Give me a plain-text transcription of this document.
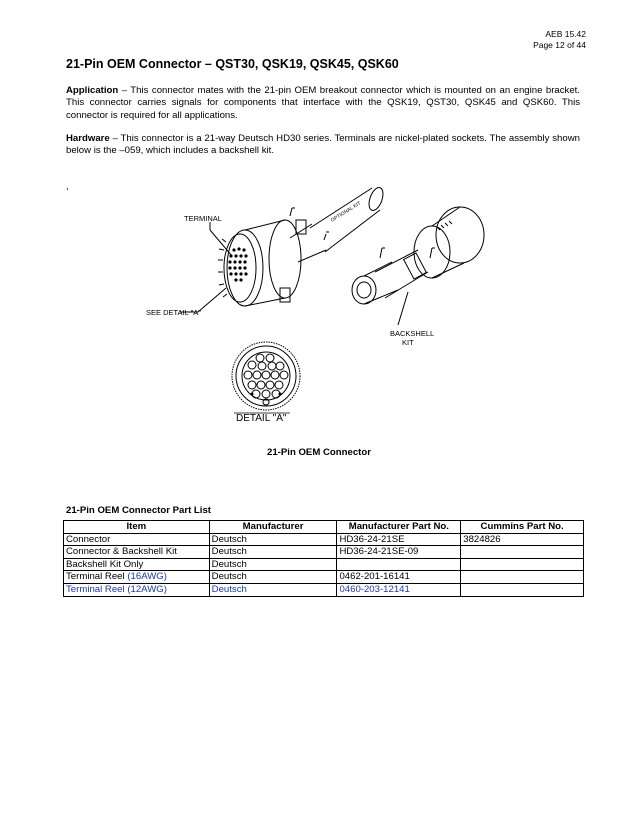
AEB 15.42
Page 12 of 44
21-Pin OEM Connector – QST30, QSK19, QSK45, QSK60
Application – This connector mates with the 21-pin OEM breakout connector which is mounted on an engine bracket. This connector carries signals for components that interface with the QSK19, QST30, QSK45 and QSK60. This connector is required for all applications.
Hardware – This connector is a 21-way Deutsch HD30 series. Terminals are nickel-plated sockets. The assembly shown below is the –059, which includes a backshell kit.
,
OPTIONAL KIT
TERMINAL
SEE DETAIL "A"
BACKSHELL
KIT
DETAIL "A"
21-Pin OEM Connector
21-Pin OEM Connector Part List
Item	Manufacturer	Manufacturer Part No.	Cummins Part No.
Connector	Deutsch	HD36-24-21SE	3824826
Connector & Backshell Kit	Deutsch	HD36-24-21SE-09	
Backshell Kit Only	Deutsch		
Terminal Reel (16AWG)	Deutsch	0462-201-16141	
Terminal Reel (12AWG)	Deutsch	0460-203-12141	
